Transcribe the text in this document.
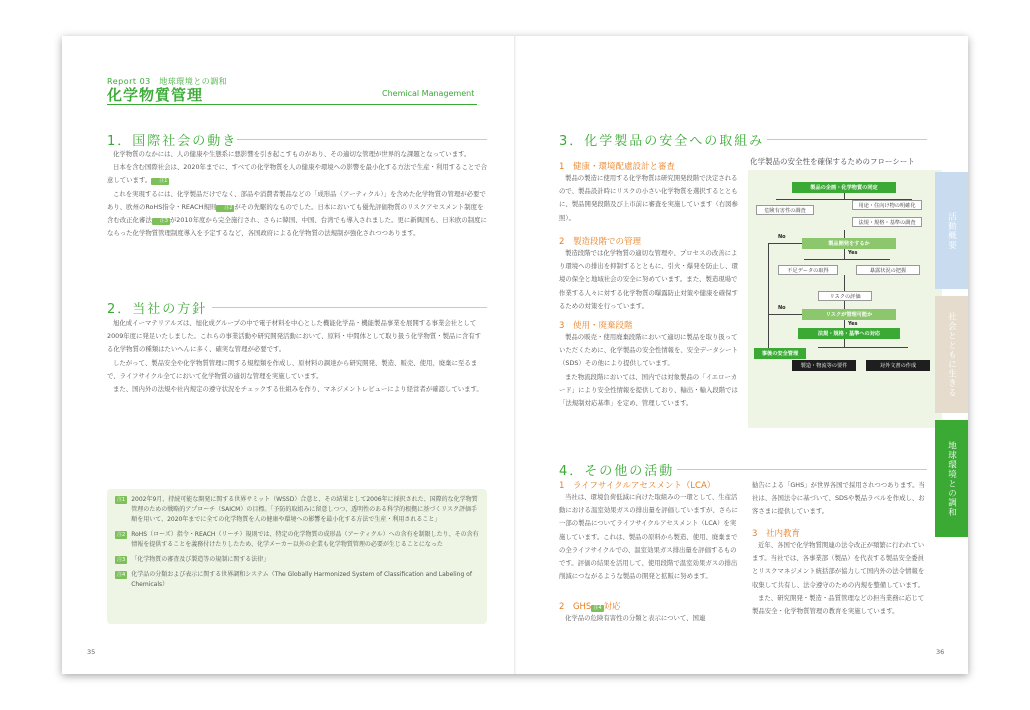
Report 03　地球環境との調和
化学物質管理	Chemical Management
1．国際社会の動き

化学物質のなかには、人の健康や生態系に悪影響を引き起こすものがあり、その適切な管理が世界的な課題となっています。

日本を含む国際社会は、2020年までに、すべての化学物質を人の健康や環境への影響を最小化する方法で生産・利用することで合意しています。 注1

これを実現するには、化学製品だけでなく、部品や消費者製品などの「成形品（アーティクル）」を含めた化学物質の管理が必要であり、欧州のRoHS指令・REACH規則 注2 がその先駆的なものでした。日本においても優先評価物質のリスクアセスメント制度を含む改正化審法 注3 が2010年度から完全施行され、さらに韓国、中国、台湾でも導入されました。更に新興国も、日米欧の制度にならった化学物質管理制度導入を予定するなど、各国政府による化学物質の法規制が強化されつつあります。

2．当社の方針

旭化成イーマテリアルズは、旭化成グループの中で電子材料を中心とした機能化学品・機能製品事業を展開する事業会社として2009年度に発足いたしました。これらの事業活動や研究開発活動において、原料・中間体として取り扱う化学物質・製品に含有する化学物質の種類はたいへんに多く、確実な管理が必要です。

したがって、製品安全や化学物質管理に関する規程類を作成し、原材料の調達から研究開発、製造、販売、使用、廃棄に至るまで、ライフサイクル全てにおいて化学物質の適切な管理を実施しています。

また、国内外の法規や社内規定の遵守状況をチェックする仕組みを作り、マネジメントレビューにより経営者が確認しています。

注1	2002年9月、持続可能な開発に関する世界サミット（WSSD）合意と、その結果として2006年に採択された、国際的な化学物質管理のための戦略的アプローチ（SAICM）の目標。「予防的取組みに留意しつつ、透明性のある科学的根拠に基づくリスク評価手順を用いて、2020年までに全ての化学物質を人の健康や環境への影響を最小化する方法で生産・利用されること」
注2	RoHS（ローズ）指令・REACH（リーチ）規則では、特定の化学物質の成形品（アーティクル）への含有を制限したり、その含有情報を提供することを義務付けたりしたため、化学メーカー以外の企業も化学物質管理の必要が生じることになった
注3	「化学物質の審査及び製造等の規制に関する法律」
注4	化学品の分類および表示に関する世界調和システム（The Globally Harmonized System of Classification and Labeling of Chemicals）
35
3．化学製品の安全への取組み
1　 健康・環境配慮設計と審査

製品の製造に使用する化学物質は研究開発段階で決定されるので、製品設計時にリスクの小さい化学物質を選択するとともに、製品開発段階及び上市前に審査を実施しています（右図参照）。

2　 製造段階での管理

製造段階では化学物質の適切な管理や、プロセスの改善により環境への排出を抑制するとともに、引火・爆発を防止し、環境の保全と地域社会の安全に努めています。また、製造現場で作業する人々に対する化学物質の曝露防止対策や健康を確保するための対策を行っています。

3　 使用・廃棄段階

製品の販売・使用廃棄段階において適切に製品を取り扱っていただくために、化学製品の安全性情報を、安全データシート（SDS）その他により提供しています。

また物流段階においては、国内では対象製品の「イエローカード」により安全性情報を提供しており、輸出・輸入段階では「法規制対応基準」を定め、管理しています。

化学製品の安全性を確保するためのフローシート
製品の企画・化学物質の同定
危険有害性の調査
用途・住向け物の明確化
法規・規格・基準の調査
製品開発をするか
No
Yes
不足データの取得	暴露状況の把握
リスクの評価
リスクが管理可能か
No
Yes
法規・規格・基準への対応
事後の安全管理
製造・物流等の要件	対外文書の作成
4．その他の活動
1　 ライフサイクルアセスメント（LCA）

当社は、環境負荷低減に向けた取組みの一環として、生産活動における温室効果ガスの排出量を評価していますが、さらに一部の製品についてライフサイクルアセスメント（LCA）を実施しています。これは、製品の原料から製造、使用、廃棄までの全ライフサイクルでの、温室効果ガス排出量を評価するものです。評価の結果を活用して、使用段階で温室効果ガスの排出削減につながるような製品の開発と拡販に努めます。

2　 GHS 注4 対応

化学品の危険有害性の分類と表示について、国連

勧告による「GHS」が世界各国で採用されつつあります。当社は、各国法令に基づいて、SDSや製品ラベルを作成し、お客さまに提供しています。

3　 社内教育

近年、各国で化学物質関連の法令改正が頻繁に行われています。当社では、各事業部（製品）を代表する製品安全委員とリスクマネジメント統括部が協力して国内外の法令情報を収集して共有し、法令遵守のための内規を整備しています。

また、研究開発・製造・品質管理などの担当業務に応じて製品安全・化学物質管理の教育を実施しています。

36
活動概要
社会とともに生きる
地球環境との調和
